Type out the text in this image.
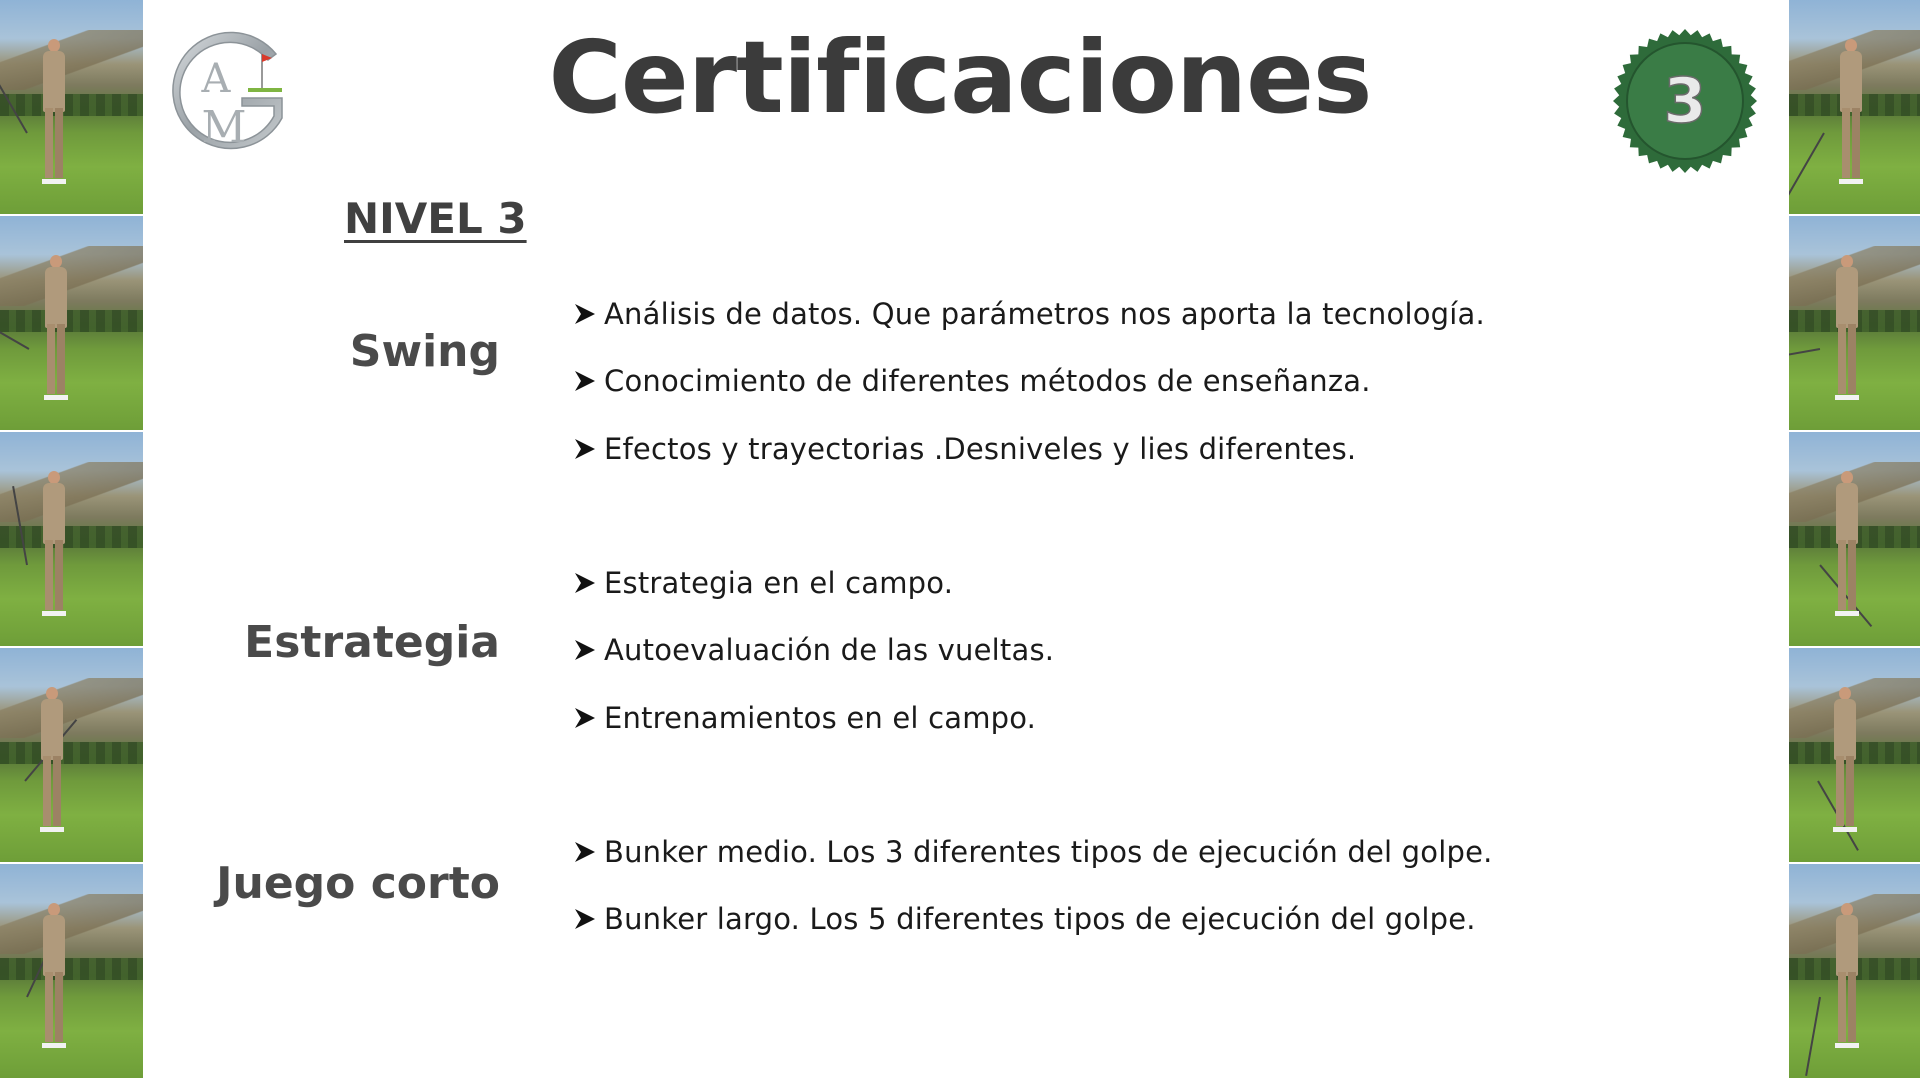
A
M	Certificaciones	3
NIVEL 3
Swing
Análisis de datos. Que parámetros nos aporta la tecnología.
Conocimiento de diferentes métodos de enseñanza.
Efectos y trayectorias .Desniveles y lies diferentes.
Estrategia
Estrategia en el campo.
Autoevaluación de las vueltas.
Entrenamientos en el campo.
Juego corto
Bunker medio. Los 3 diferentes tipos de ejecución del golpe.
Bunker largo. Los 5 diferentes tipos de ejecución del golpe.
